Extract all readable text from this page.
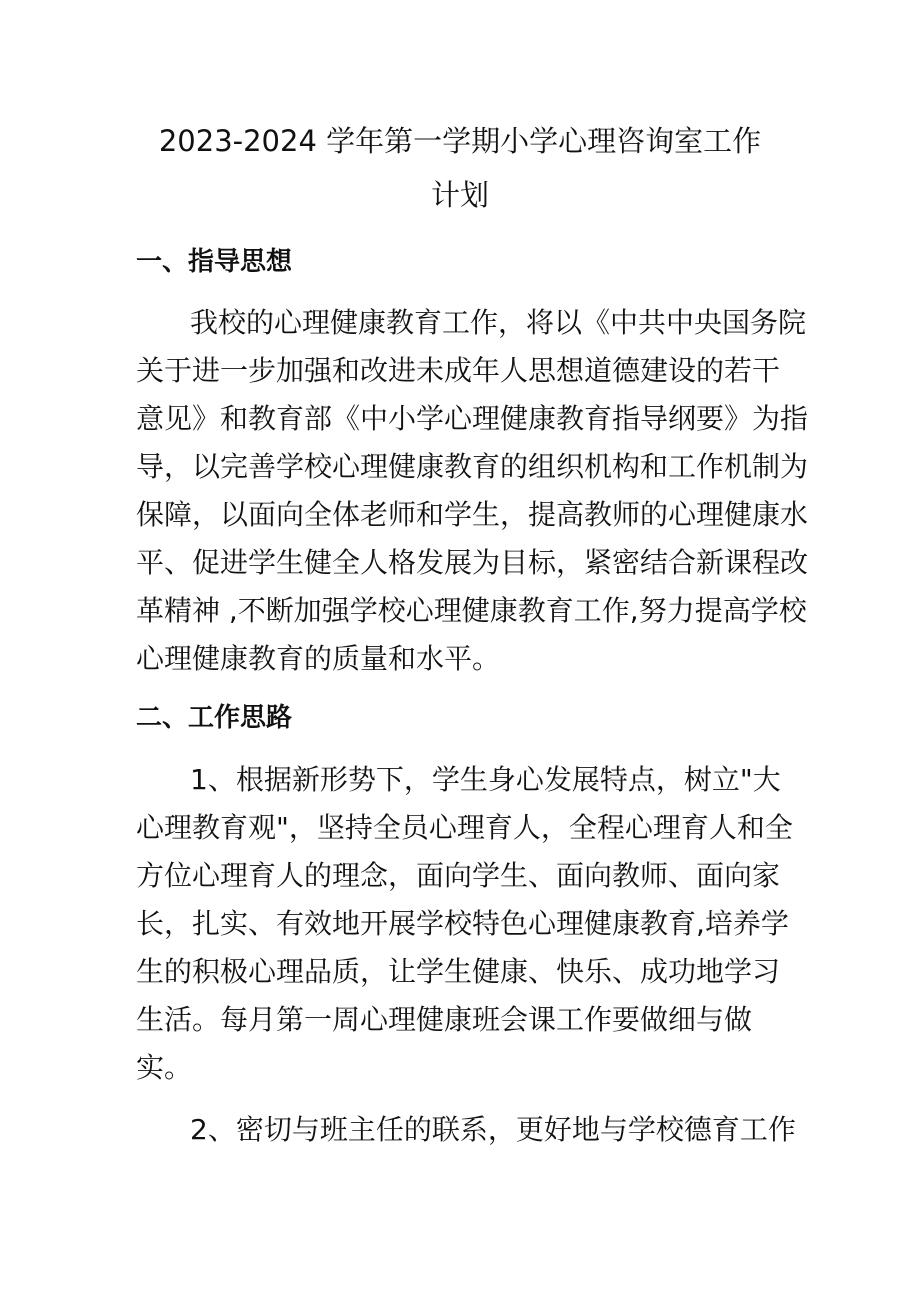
2023-2024 学年第一学期小学心理咨询室工作
计划
一、指导思想
我校的心理健康教育工作，将以《中共中央国务院
关于进一步加强和改进未成年人思想道德建设的若干
意见》和教育部《中小学心理健康教育指导纲要》为指
导，以完善学校心理健康教育的组织机构和工作机制为
保障，以面向全体老师和学生，提高教师的心理健康水
平、促进学生健全人格发展为目标，紧密结合新课程改
革精神 ,不断加强学校心理健康教育工作,努力提高学校
心理健康教育的质量和水平。
二、工作思路
1、根据新形势下，学生身心发展特点，树立"大
心理教育观"，坚持全员心理育人，全程心理育人和全
方位心理育人的理念，面向学生、面向教师、面向家
长，扎实、有效地开展学校特色心理健康教育,培养学
生的积极心理品质，让学生健康、快乐、成功地学习
生活。每月第一周心理健康班会课工作要做细与做
实。
2、密切与班主任的联系，更好地与学校德育工作
